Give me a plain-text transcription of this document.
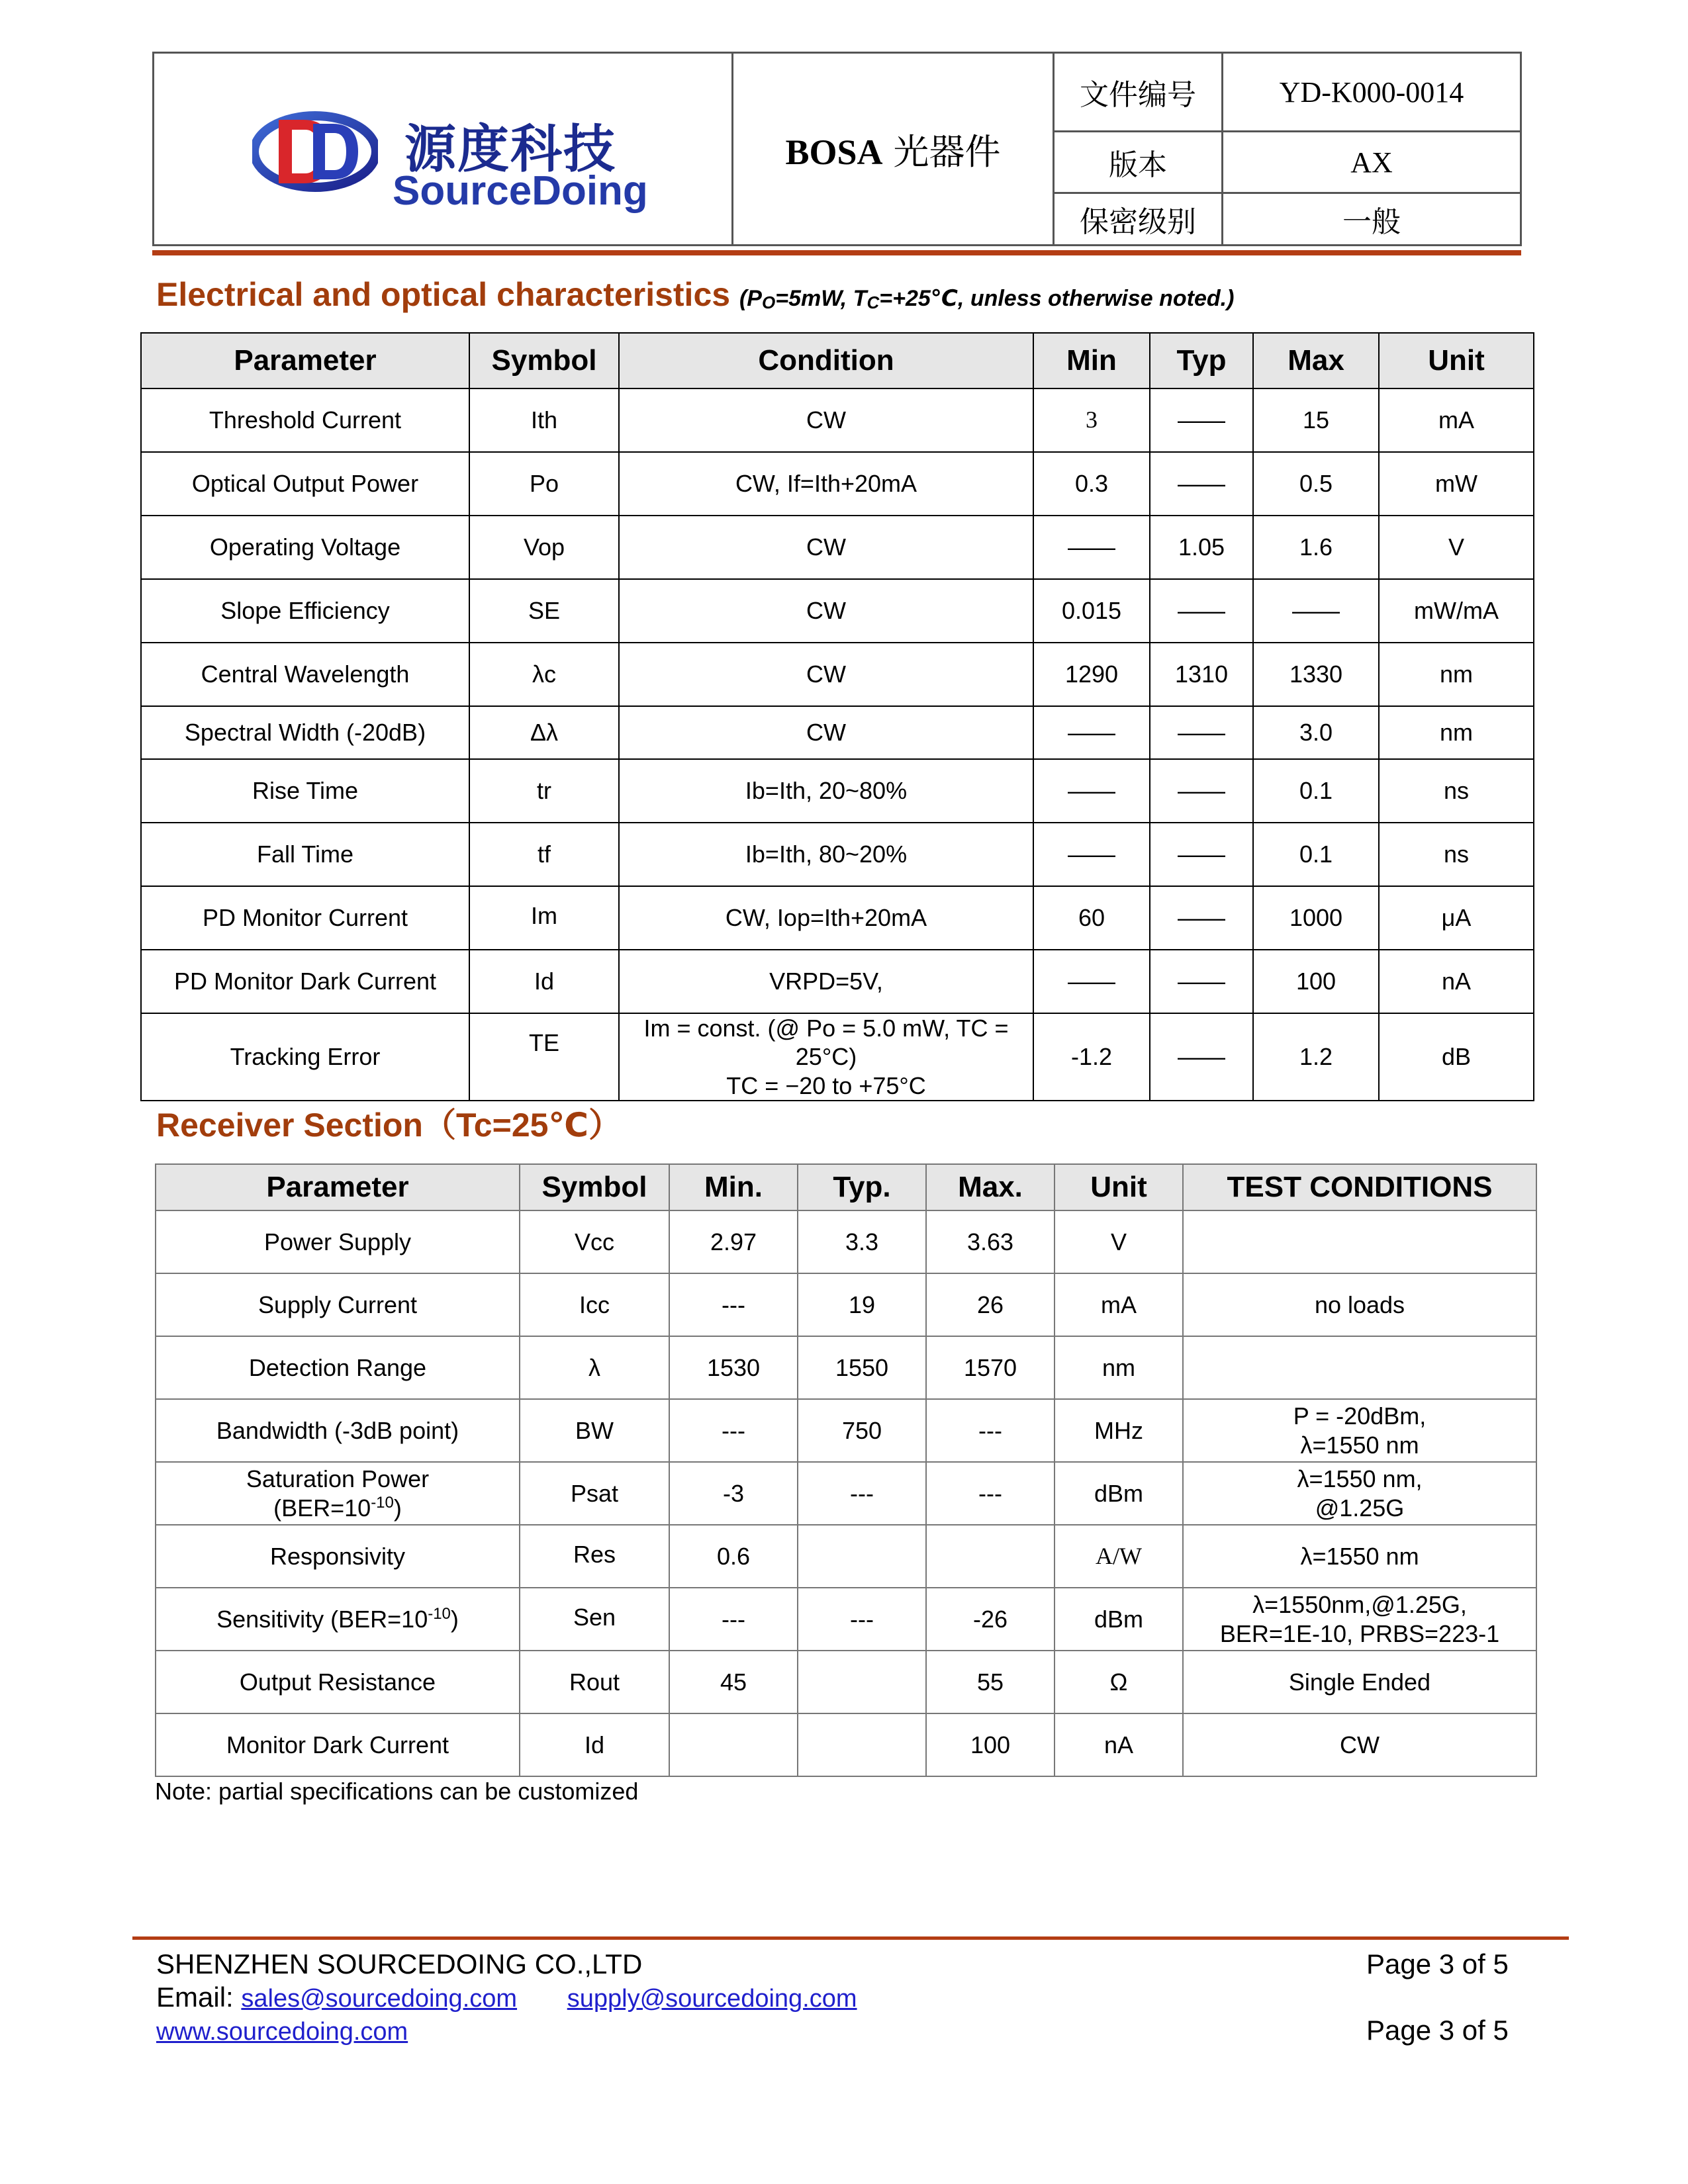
源度科技
SourceDoing	BOSA 光器件	文件编号	YD-K000-0014
		版本	AX
		保密级别	一般
Electrical and optical characteristics ($P_O=5mW$, $T_C=+25℃$, unless otherwise noted.)
Parameter	Symbol	Condition	Min	Typ	Max	Unit
Threshold Current	Ith	CW	3	——	15	mA
Optical Output Power	Po	CW, If=Ith+20mA	0.3	——	0.5	mW
Operating Voltage	Vop	CW	——	1.05	1.6	V
Slope Efficiency	SE	CW	0.015	——	——	mW/mA
Central Wavelength	λc	CW	1290	1310	1330	nm
Spectral Width (-20dB)	Δλ	CW	——	——	3.0	nm
Rise Time	tr	Ib=Ith, 20~80%	——	——	0.1	ns
Fall Time	tf	Ib=Ith, 80~20%	——	——	0.1	ns
PD Monitor Current	Im	CW, Iop=Ith+20mA	60	——	1000	μA
PD Monitor Dark Current	Id	VRPD=5V,	——	——	100	nA
Tracking Error	TE	Im = const. (@ Po = 5.0 mW, TC = 25°C)
TC = −20 to +75°C	-1.2	——	1.2	dB
Receiver Section（Tc=25℃）
Parameter	Symbol	Min.	Typ.	Max.	Unit	TEST CONDITIONS
Power Supply	Vcc	2.97	3.3	3.63	V	
Supply Current	Icc	---	19	26	mA	no loads
Detection Range	λ	1530	1550	1570	nm	
Bandwidth (-3dB point)	BW	---	750	---	MHz	P = -20dBm,
λ=1550 nm
Saturation Power
$(BER=10^{-10})$	Psat	-3	---	---	dBm	λ=1550 nm,
@1.25G
Responsivity	Res	0.6			A/W	λ=1550 nm
Sensitivity $(BER=10^{-10})$	Sen	---	---	-26	dBm	λ=1550nm,@1.25G,
BER=1E-10, PRBS=223-1
Output Resistance	Rout	45		55	Ω	Single Ended
Monitor Dark Current	Id			100	nA	CW
Note: partial specifications can be customized
SHENZHEN SOURCEDOING CO.,LTD	Page 3 of 5
Email: sales@sourcedoing.com supply@sourcedoing.com
www.sourcedoing.com	Page 3 of 5
